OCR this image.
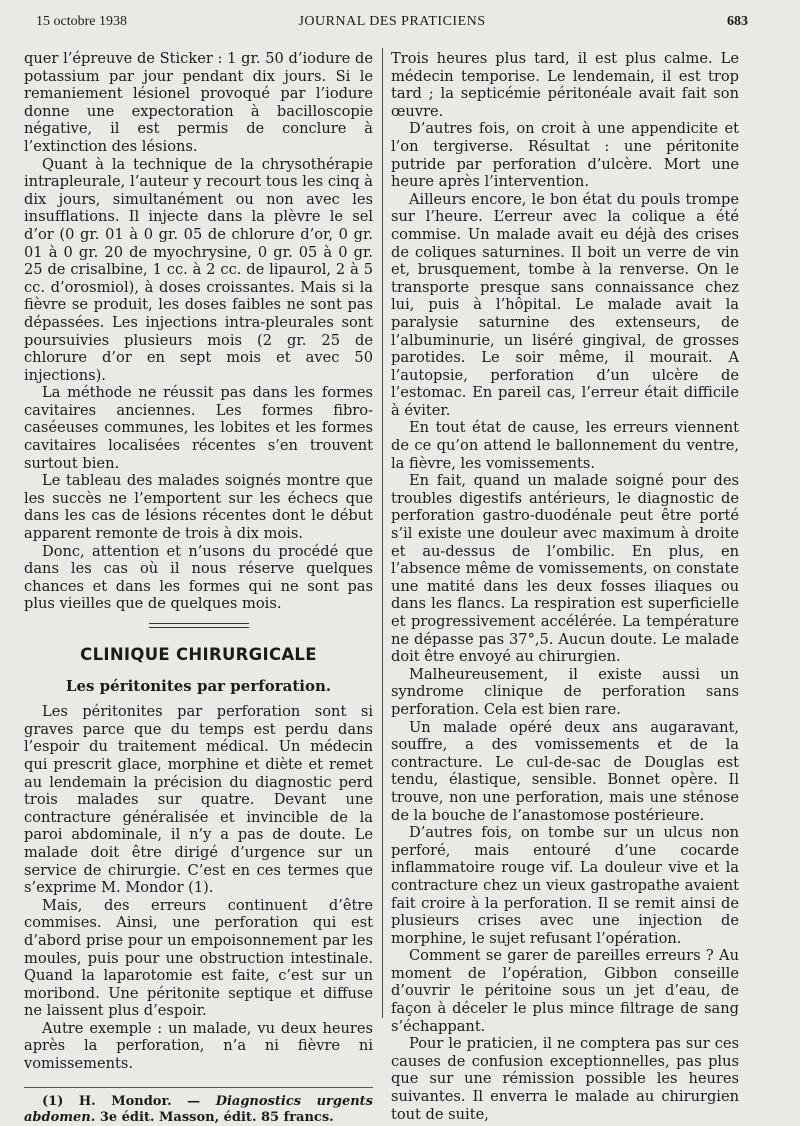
15 octobre 1938	JOURNAL DES PRATICIENS	683

quer l’épreuve de Sticker : 1 gr. 50 d’iodure de potassium par jour pendant dix jours. Si le remaniement lésionel provoqué par l’iodure donne une expectoration à bacilloscopie négative, il est permis de conclure à l’extinction des lésions.

Quant à la technique de la chrysothérapie intrapleurale, l’auteur y recourt tous les cinq à dix jours, simultanément ou non avec les insufflations. Il injecte dans la plèvre le sel d’or (0 gr. 01 à 0 gr. 05 de chlorure d’or, 0 gr. 01 à 0 gr. 20 de myochrysine, 0 gr. 05 à 0 gr. 25 de crisalbine, 1 cc. à 2 cc. de lipaurol, 2 à 5 cc. d’orosmiol), à doses croissantes. Mais si la fièvre se produit, les doses faibles ne sont pas dépassées. Les injections intra-pleurales sont poursuivies plusieurs mois (2 gr. 25 de chlorure d’or en sept mois et avec 50 injections).

La méthode ne réussit pas dans les formes cavitaires anciennes. Les formes fibro-caséeuses communes, les lobites et les formes cavitaires localisées récentes s’en trouvent surtout bien.

Le tableau des malades soignés montre que les succès ne l’emportent sur les échecs que dans les cas de lésions récentes dont le début apparent remonte de trois à dix mois.

Donc, attention et n’usons du procédé que dans les cas où il nous réserve quelques chances et dans les formes qui ne sont pas plus vieilles que de quelques mois.

CLINIQUE CHIRURGICALE
Les péritonites par perforation.

Les péritonites par perforation sont si graves parce que du temps est perdu dans l’espoir du traitement médical. Un médecin qui prescrit glace, morphine et diète et remet au lendemain la précision du diagnostic perd trois malades sur quatre. Devant une contracture généralisée et invincible de la paroi abdominale, il n’y a pas de doute. Le malade doit être dirigé d’urgence sur un service de chirurgie. C’est en ces termes que s’exprime M. Mondor (1).

Mais, des erreurs continuent d’être commises. Ainsi, une perforation qui est d’abord prise pour un empoisonnement par les moules, puis pour une obstruction intestinale. Quand la laparotomie est faite, c’est sur un moribond. Une péritonite septique et diffuse ne laissent plus d’espoir.

Autre exemple : un malade, vu deux heures après la perforation, n’a ni fièvre ni vomissements.

(1) H. Mondor. — Diagnostics urgents abdomen. 3e édit. Masson, édit. 85 francs.

Trois heures plus tard, il est plus calme. Le médecin temporise. Le lendemain, il est trop tard ; la septicémie péritonéale avait fait son œuvre.

D’autres fois, on croit à une appendicite et l’on tergiverse. Résultat : une péritonite putride par perforation d’ulcère. Mort une heure après l’intervention.

Ailleurs encore, le bon état du pouls trompe sur l’heure. L’erreur avec la colique a été commise. Un malade avait eu déjà des crises de coliques saturnines. Il boit un verre de vin et, brusquement, tombe à la renverse. On le transporte presque sans connaissance chez lui, puis à l’hôpital. Le malade avait la paralysie saturnine des extenseurs, de l’albuminurie, un liséré gingival, de grosses parotides. Le soir même, il mourait. A l’autopsie, perforation d’un ulcère de l’estomac. En pareil cas, l’erreur était difficile à éviter.

En tout état de cause, les erreurs viennent de ce qu’on attend le ballonnement du ventre, la fièvre, les vomissements.

En fait, quand un malade soigné pour des troubles digestifs antérieurs, le diagnostic de perforation gastro-duodénale peut être porté s’il existe une douleur avec maximum à droite et au-dessus de l’ombilic. En plus, en l’absence même de vomissements, on constate une matité dans les deux fosses iliaques ou dans les flancs. La respiration est superficielle et progressivement accélérée. La température ne dépasse pas 37°,5. Aucun doute. Le malade doit être envoyé au chirurgien.

Malheureusement, il existe aussi un syndrome clinique de perforation sans perforation. Cela est bien rare.

Un malade opéré deux ans augaravant, souffre, a des vomissements et de la contracture. Le cul-de-sac de Douglas est tendu, élastique, sensible. Bonnet opère. Il trouve, non une perforation, mais une sténose de la bouche de l’anastomose postérieure.

D’autres fois, on tombe sur un ulcus non perforé, mais entouré d’une cocarde inflammatoire rouge vif. La douleur vive et la contracture chez un vieux gastropathe avaient fait croire à la perforation. Il se remit ainsi de plusieurs crises avec une injection de morphine, le sujet refusant l’opération.

Comment se garer de pareilles erreurs ? Au moment de l’opération, Gibbon conseille d’ouvrir le péritoine sous un jet d’eau, de façon à déceler le plus mince filtrage de sang s’échappant.

Pour le praticien, il ne comptera pas sur ces causes de confusion exceptionnelles, pas plus que sur une rémission possible les heures suivantes. Il enverra le malade au chirurgien tout de suite,
